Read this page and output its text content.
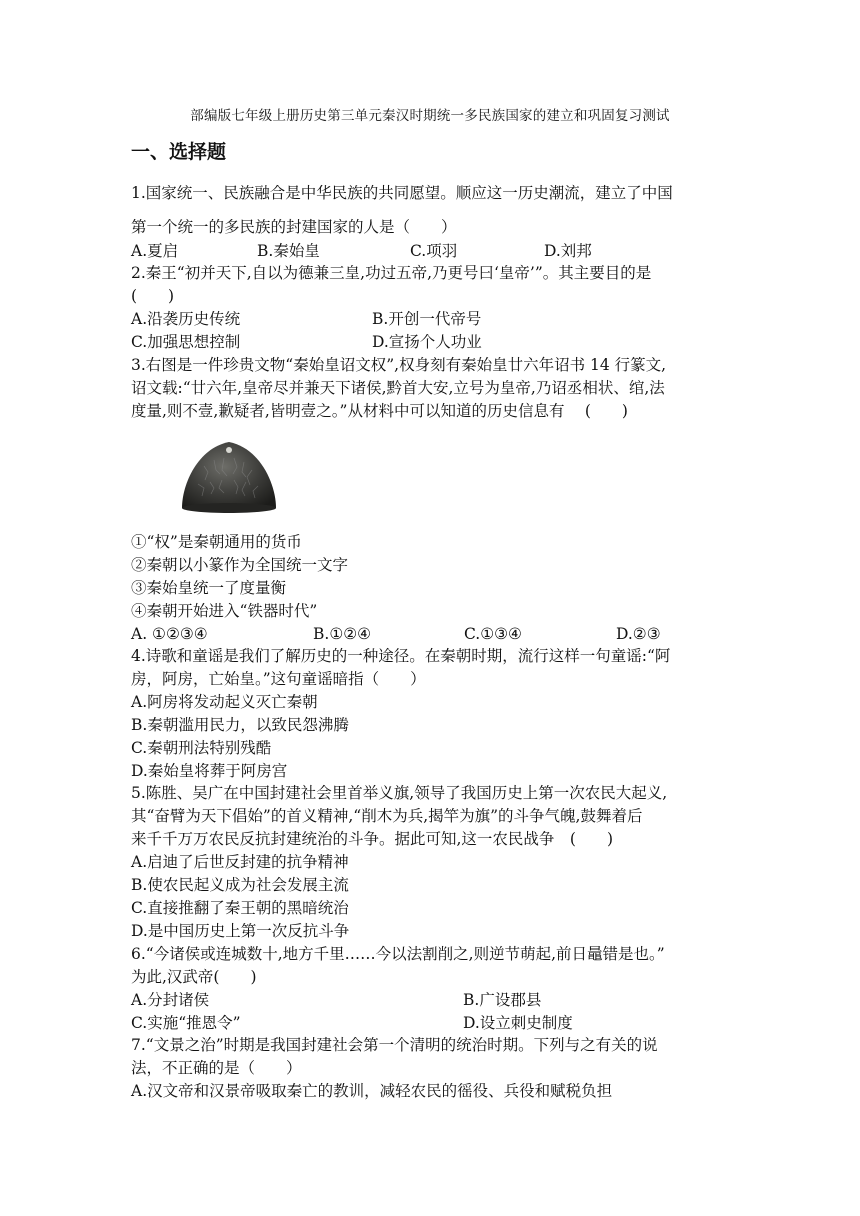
部编版七年级上册历史第三单元秦汉时期统一多民族国家的建立和巩固复习测试
一、选择题
1.国家统一、民族融合是中华民族的共同愿望。顺应这一历史潮流，建立了中国
第一个统一的多民族的封建国家的人是（　　）
A.夏启	B.秦始皇	C.项羽	D.刘邦
2.秦王“初并天下,自以为德兼三皇,功过五帝,乃更号曰‘皇帝’”。其主要目的是
(　　)
A.沿袭历史传统	B.开创一代帝号
C.加强思想控制	D.宣扬个人功业
3.右图是一件珍贵文物“秦始皇诏文权”,权身刻有秦始皇廿六年诏书 14 行篆文,
诏文载:“廿六年,皇帝尽并兼天下诸侯,黔首大安,立号为皇帝,乃诏丞相状、绾,法
度量,则不壹,歉疑者,皆明壹之。”从材料中可以知道的历史信息有　 (　　)
①“权”是秦朝通用的货币
②秦朝以小篆作为全国统一文字
③秦始皇统一了度量衡
④秦朝开始进入“铁器时代”
A. ①②③④	B.①②④	C.①③④	D.②③
4.诗歌和童谣是我们了解历史的一种途径。在秦朝时期，流行这样一句童谣:“阿
房，阿房，亡始皇。”这句童谣暗指（　　）
A.阿房将发动起义灭亡秦朝
B.秦朝滥用民力，以致民怨沸腾
C.秦朝刑法特别残酷
D.秦始皇将葬于阿房宫
5.陈胜、吴广在中国封建社会里首举义旗,领导了我国历史上第一次农民大起义,
其“奋臂为天下倡始”的首义精神,“削木为兵,揭竿为旗”的斗争气魄,鼓舞着后
来千千万万农民反抗封建统治的斗争。据此可知,这一农民战争　(　　)
A.启迪了后世反封建的抗争精神
B.使农民起义成为社会发展主流
C.直接推翻了秦王朝的黑暗统治
D.是中国历史上第一次反抗斗争
6.“今诸侯或连城数十,地方千里……今以法割削之,则逆节萌起,前日鼂错是也。”
为此,汉武帝(　　)
A.分封诸侯	B.广设郡县
C.实施“推恩令”	D.设立刺史制度
7.“文景之治”时期是我国封建社会第一个清明的统治时期。下列与之有关的说
法，不正确的是（　　）
A.汉文帝和汉景帝吸取秦亡的教训，减轻农民的徭役、兵役和赋税负担
